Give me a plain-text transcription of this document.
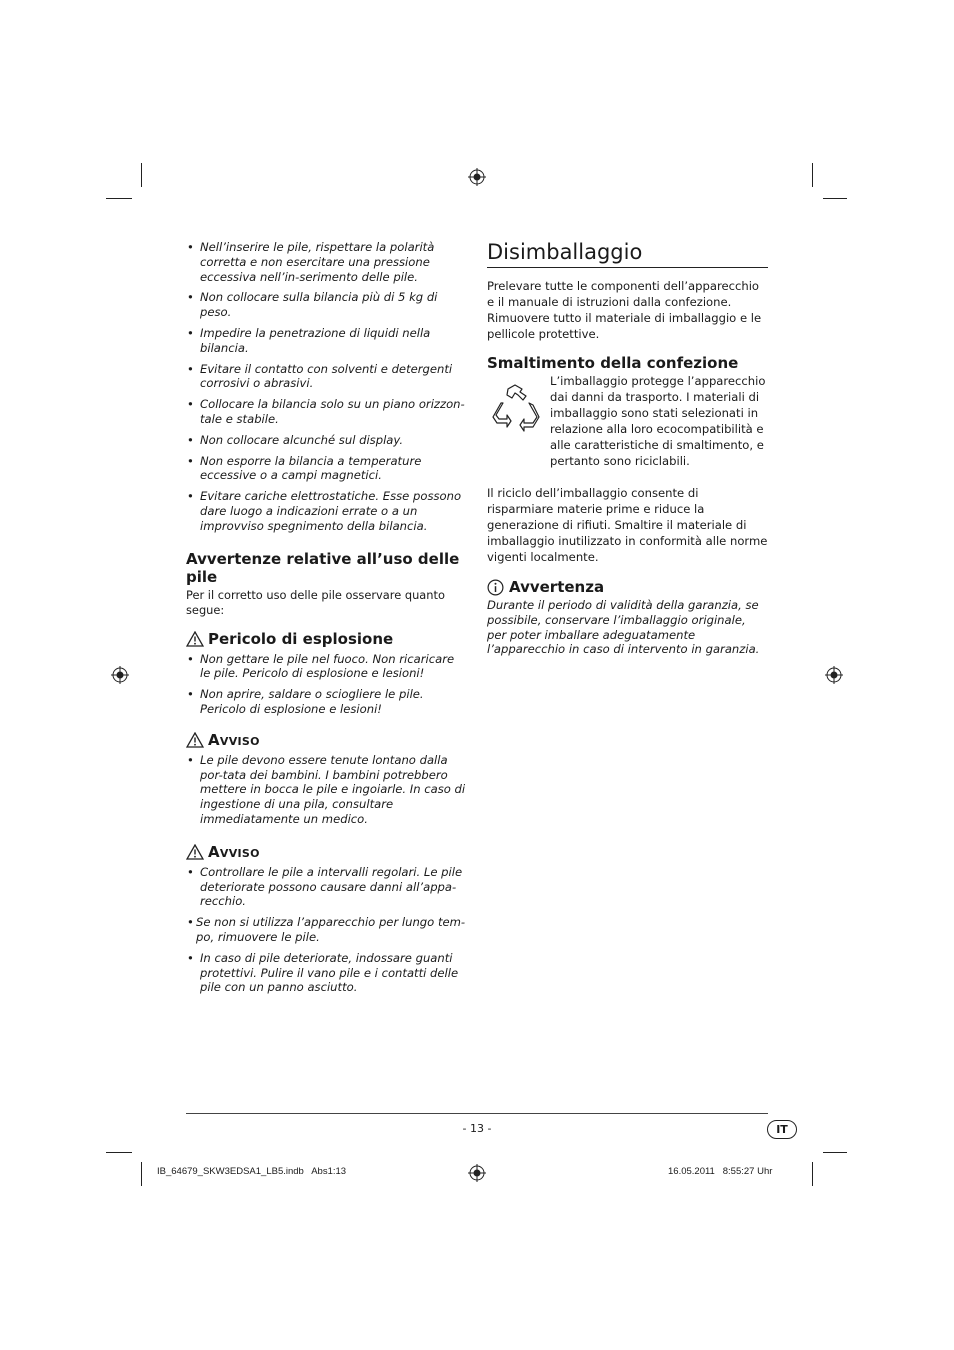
• Nell’inserire le pile, rispettare la polarità corretta e non esercitare una pressione eccessiva nell’in-serimento delle pile.

• Non collocare sulla bilancia più di 5 kg di peso.

• Impedire la penetrazione di liquidi nella bilancia.

• Evitare il contatto con solventi e detergenti corrosivi o abrasivi.

• Collocare la bilancia solo su un piano orizzon-tale e stabile.

• Non collocare alcunché sul display.

• Non esporre la bilancia a temperature eccessive o a campi magnetici.

• Evitare cariche elettrostatiche. Esse possono dare luogo a indicazioni errate o a un improvviso spegnimento della bilancia.

Avvertenze relative all’uso delle pile
Per il corretto uso delle pile osservare quanto segue:
Pericolo di esplosione

• Non gettare le pile nel fuoco. Non ricaricare le pile. Pericolo di esplosione e lesioni!

• Non aprire, saldare o sciogliere le pile. Pericolo di esplosione e lesioni!

Avviso

• Le pile devono essere tenute lontano dalla por-tata dei bambini. I bambini potrebbero mettere in bocca le pile e ingoiarle. In caso di ingestione di una pila, consultare immediatamente un medico.

Avviso

• Controllare le pile a intervalli regolari. Le pile deteriorate possono causare danni all’appa-recchio.

• Se non si utilizza l’apparecchio per lungo tem-po, rimuovere le pile.

• In caso di pile deteriorate, indossare guanti protettivi. Pulire il vano pile e i contatti delle pile con un panno asciutto.

Disimballaggio
Prelevare tutte le componenti dell’apparecchio e il manuale di istruzioni dalla confezione. Rimuovere tutto il materiale di imballaggio e le pellicole protettive.
Smaltimento della confezione
L’imballaggio protegge l’apparecchio dai danni da trasporto. I materiali di imballaggio sono stati selezionati in relazione alla loro ecocompatibilità e alle caratteristiche di smaltimento, e pertanto sono riciclabili.
Il riciclo dell’imballaggio consente di risparmiare materie prime e riduce la generazione di rifiuti. Smaltire il materiale di imballaggio inutilizzato in conformità alle norme vigenti localmente.
Avvertenza
Durante il periodo di validità della garanzia, se possibile, conservare l’imballaggio originale, per poter imballare adeguatamente l’apparecchio in caso di intervento in garanzia.
- 13 -	IT
IB_64679_SKW3EDSA1_LB5.indb   Abs1:13	16.05.2011   8:55:27 Uhr
